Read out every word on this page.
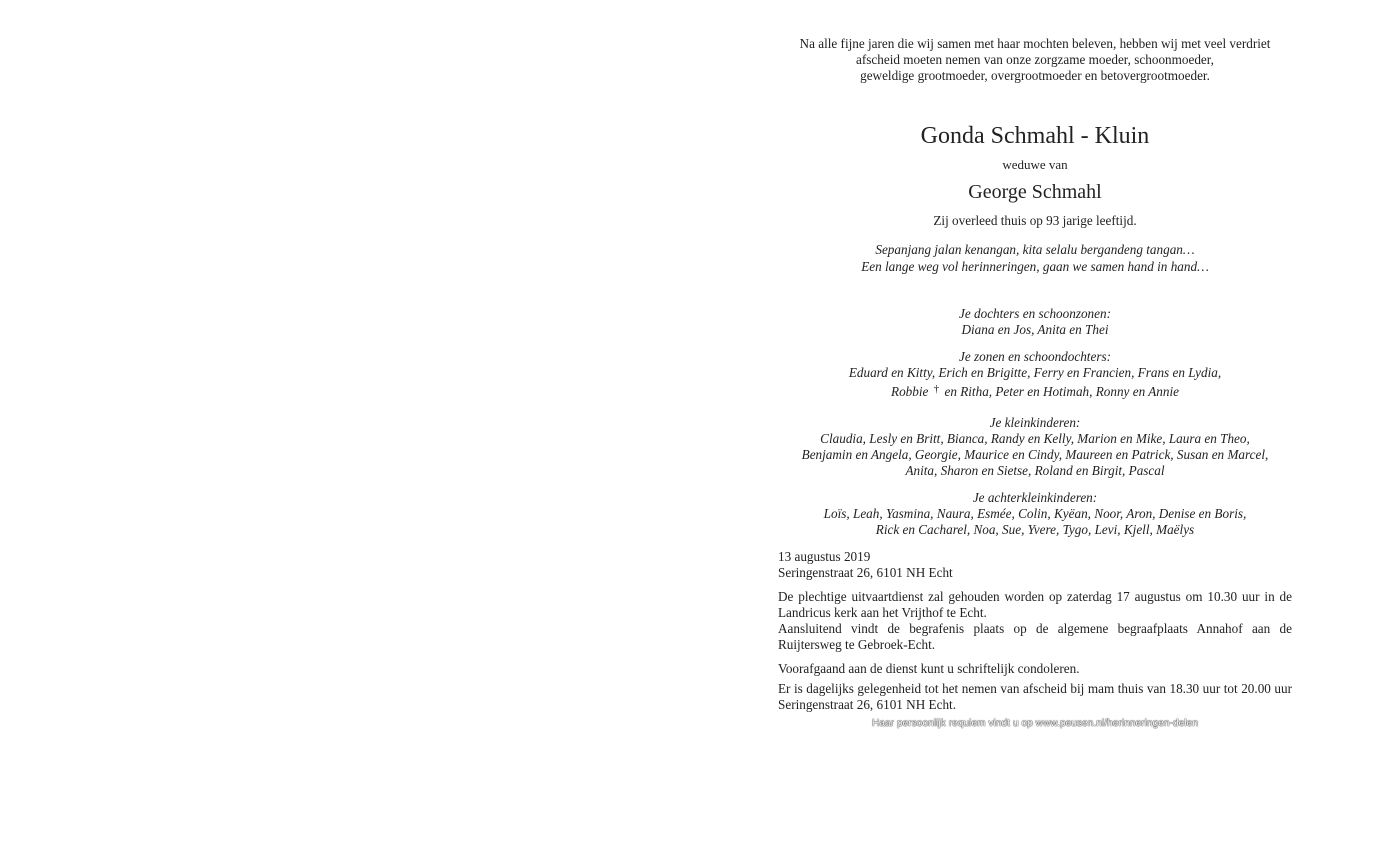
Na alle fijne jaren die wij samen met haar mochten beleven, hebben wij met veel verdriet

afscheid moeten nemen van onze zorgzame moeder, schoonmoeder,

geweldige grootmoeder, overgrootmoeder en betovergrootmoeder.

Gonda Schmahl - Kluin
weduwe van
George Schmahl
Zij overleed thuis op 93 jarige leeftijd.

Sepanjang jalan kenangan, kita selalu bergandeng tangan…

Een lange weg vol herinneringen, gaan we samen hand in hand…

Je dochters en schoonzonen:

Diana en Jos, Anita en Thei

Je zonen en schoondochters:

Eduard en Kitty, Erich en Brigitte, Ferry en Francien, Frans en Lydia,

Robbie † en Ritha, Peter en Hotimah, Ronny en Annie

Je kleinkinderen:

Claudia, Lesly en Britt, Bianca, Randy en Kelly, Marion en Mike, Laura en Theo,

Benjamin en Angela, Georgie, Maurice en Cindy, Maureen en Patrick, Susan en Marcel,

Anita, Sharon en Sietse, Roland en Birgit, Pascal

Je achterkleinkinderen:

Loïs, Leah, Yasmina, Naura, Esmée, Colin, Kyëan, Noor, Aron, Denise en Boris,

Rick en Cacharel, Noa, Sue, Yvere, Tygo, Levi, Kjell, Maëlys

13 augustus 2019

Seringenstraat 26, 6101 NH Echt

De plechtige uitvaartdienst zal gehouden worden op zaterdag 17 augustus om 10.30 uur in de Landricus kerk aan het Vrijthof te Echt.

Aansluitend vindt de begrafenis plaats op de algemene begraafplaats Annahof aan de Ruijtersweg te Gebroek-Echt.

Voorafgaand aan de dienst kunt u schriftelijk condoleren.

Er is dagelijks gelegenheid tot het nemen van afscheid bij mam thuis van 18.30 uur tot 20.00 uur Seringenstraat 26, 6101 NH Echt.

Haar persoonlijk requiem vindt u op www.peusen.nl/herinneringen-delen
